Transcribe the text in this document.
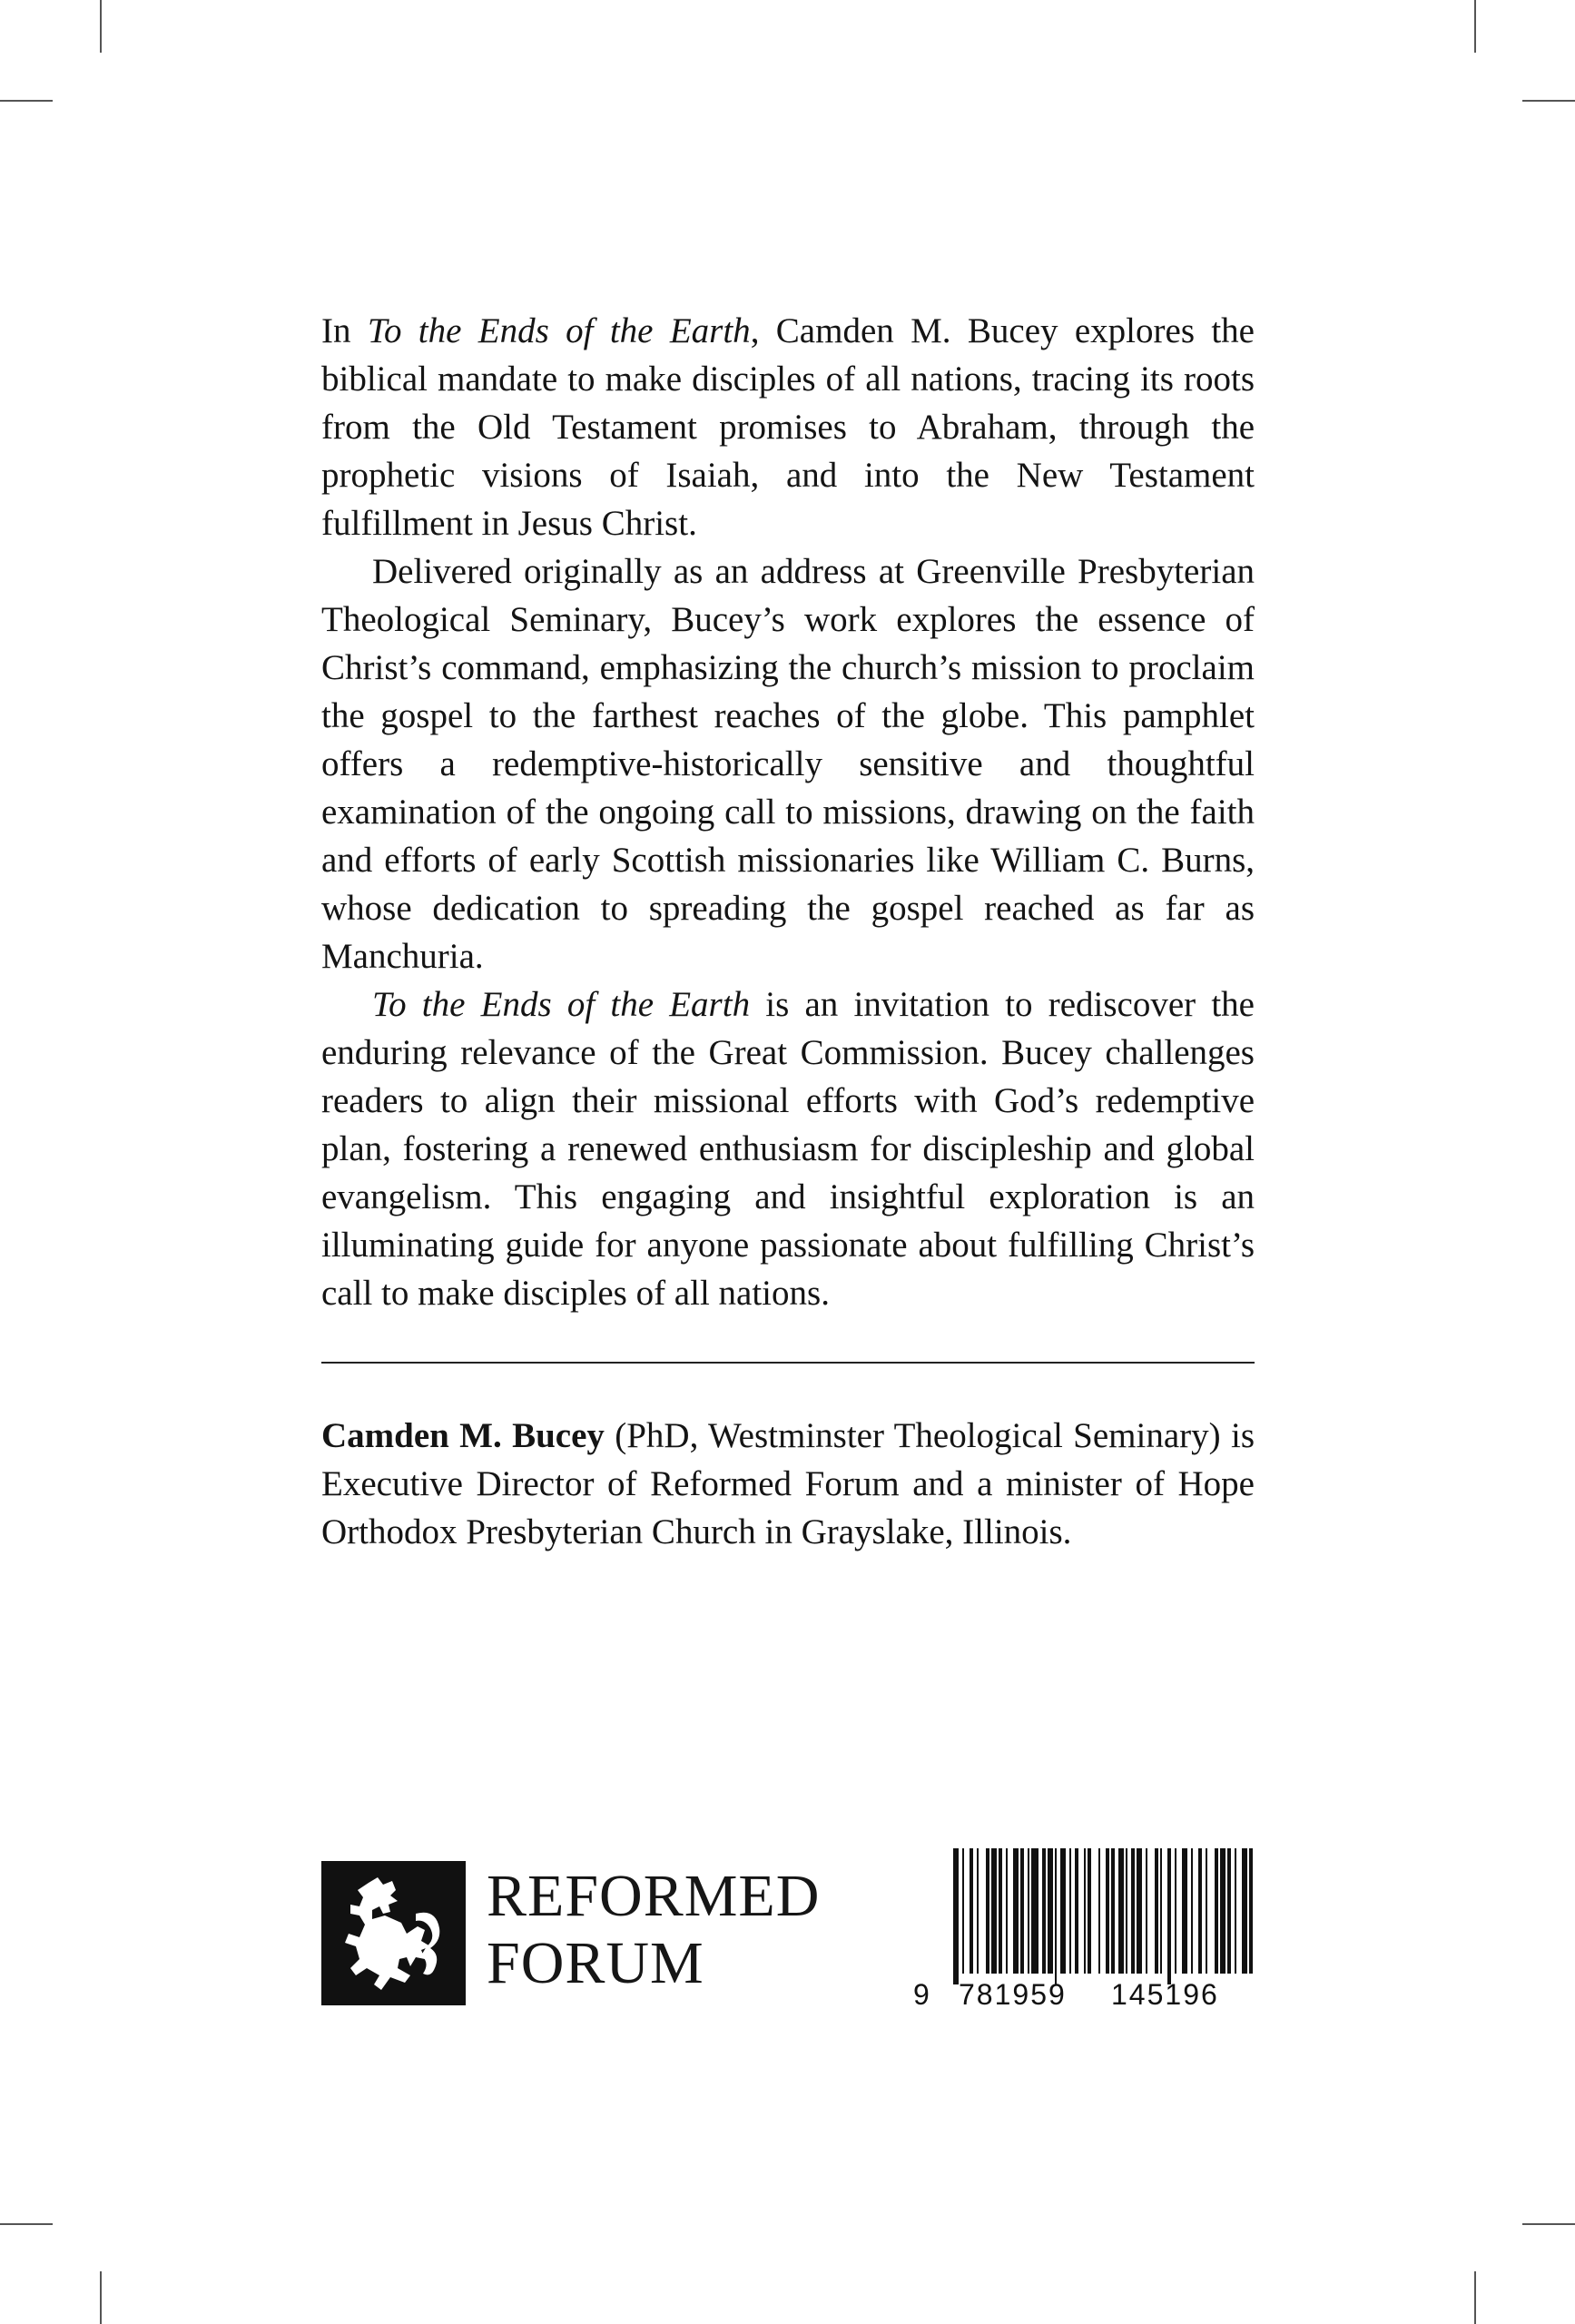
In To the Ends of the Earth, Camden M. Bucey explores the biblical mandate to make disciples of all nations, tracing its roots from the Old Testament promises to Abraham, through the prophetic visions of Isaiah, and into the New Testament fulfillment in Jesus Christ.

Delivered originally as an address at Greenville Presbyterian Theological Seminary, Bucey’s work explores the essence of Christ’s command, emphasizing the church’s mission to proclaim the gospel to the farthest reaches of the globe. This pamphlet offers a redemptive-historically sensitive and thoughtful examination of the ongoing call to missions, drawing on the faith and efforts of early Scottish missionaries like William C. Burns, whose dedication to spreading the gospel reached as far as Manchuria.

To the Ends of the Earth is an invitation to rediscover the enduring relevance of the Great Commission. Bucey challenges readers to align their missional efforts with God’s redemptive plan, fostering a renewed enthusiasm for discipleship and global evangelism. This engaging and insightful exploration is an illuminating guide for anyone passionate about fulfilling Christ’s call to make disciples of all nations.

Camden M. Bucey (PhD, Westminster Theological Seminary) is Executive Director of Reformed Forum and a minister of Hope Orthodox Presbyterian Church in Grayslake, Illinois.

REFORMED
FORUM	9 781959 145196
